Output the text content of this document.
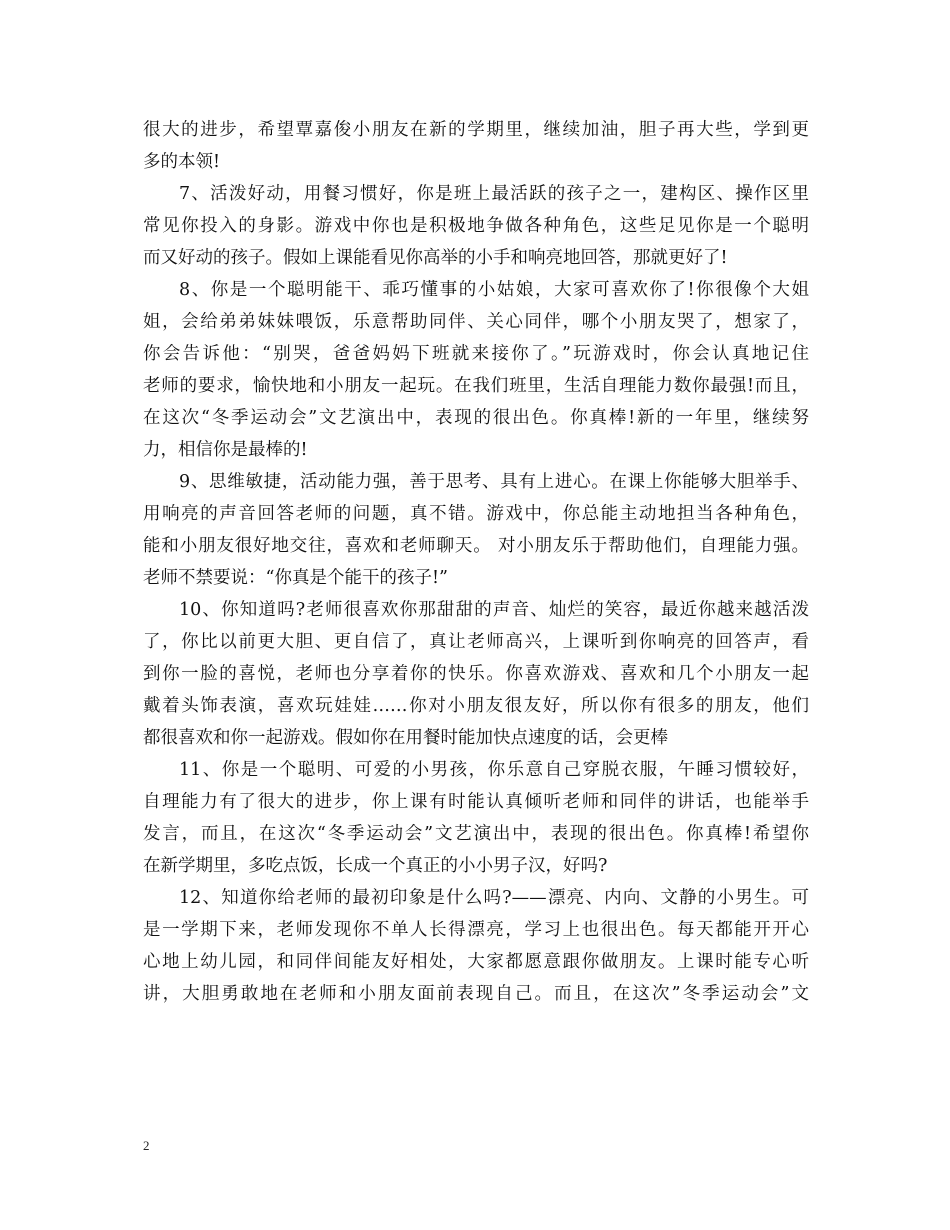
很大的进步，希望覃嘉俊小朋友在新的学期里，继续加油，胆子再大些，学到更
多的本领!
7、活泼好动，用餐习惯好，你是班上最活跃的孩子之一，建构区、操作区里
常见你投入的身影。游戏中你也是积极地争做各种角色，这些足见你是一个聪明
而又好动的孩子。假如上课能看见你高举的小手和响亮地回答，那就更好了!
8、你是一个聪明能干、乖巧懂事的小姑娘，大家可喜欢你了!你很像个大姐
姐，会给弟弟妹妹喂饭，乐意帮助同伴、关心同伴，哪个小朋友哭了，想家了，
你会告诉他：“别哭，爸爸妈妈下班就来接你了。”玩游戏时，你会认真地记住
老师的要求，愉快地和小朋友一起玩。在我们班里，生活自理能力数你最强!而且，
在这次“冬季运动会”文艺演出中，表现的很出色。你真棒!新的一年里，继续努
力，相信你是最棒的!
9、思维敏捷，活动能力强，善于思考、具有上进心。在课上你能够大胆举手、
用响亮的声音回答老师的问题，真不错。游戏中，你总能主动地担当各种角色，
能和小朋友很好地交往，喜欢和老师聊天。 对小朋友乐于帮助他们，自理能力强。
老师不禁要说：“你真是个能干的孩子!”
10、你知道吗?老师很喜欢你那甜甜的声音、灿烂的笑容，最近你越来越活泼
了，你比以前更大胆、更自信了，真让老师高兴，上课听到你响亮的回答声，看
到你一脸的喜悦，老师也分享着你的快乐。你喜欢游戏、喜欢和几个小朋友一起
戴着头饰表演，喜欢玩娃娃……你对小朋友很友好，所以你有很多的朋友，他们
都很喜欢和你一起游戏。假如你在用餐时能加快点速度的话，会更棒
11、你是一个聪明、可爱的小男孩，你乐意自己穿脱衣服，午睡习惯较好，
自理能力有了很大的进步，你上课有时能认真倾听老师和同伴的讲话，也能举手
发言，而且，在这次“冬季运动会”文艺演出中，表现的很出色。你真棒!希望你
在新学期里，多吃点饭，长成一个真正的小小男子汉，好吗?
12、知道你给老师的最初印象是什么吗?——漂亮、内向、文静的小男生。可
是一学期下来，老师发现你不单人长得漂亮，学习上也很出色。每天都能开开心
心地上幼儿园，和同伴间能友好相处，大家都愿意跟你做朋友。上课时能专心听
讲，大胆勇敢地在老师和小朋友面前表现自己。而且，在这次”冬季运动会”文
2
